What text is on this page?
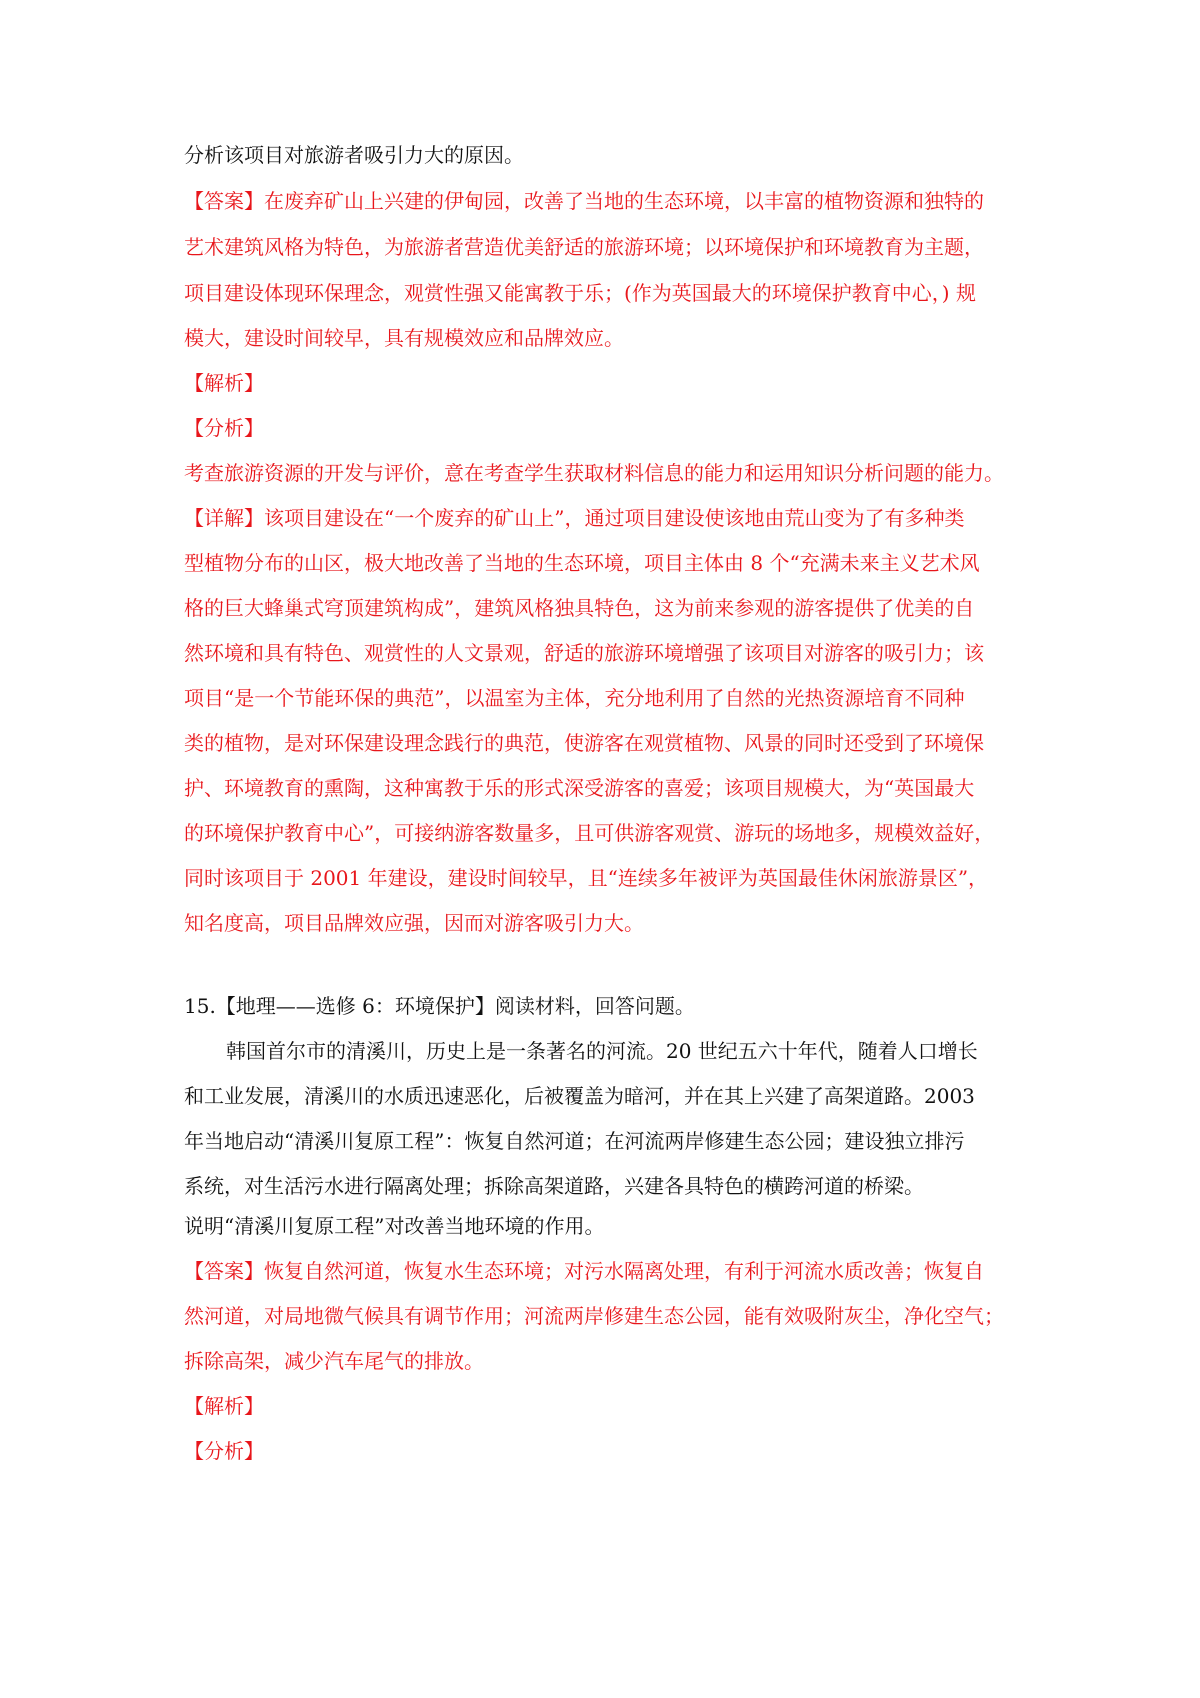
分析该项目对旅游者吸引力大的原因。
【答案】在废弃矿山上兴建的伊甸园，改善了当地的生态环境，以丰富的植物资源和独特的
艺术建筑风格为特色，为旅游者营造优美舒适的旅游环境；以环境保护和环境教育为主题，
项目建设体现环保理念，观赏性强又能寓教于乐；(作为英国最大的环境保护教育中心，) 规
模大，建设时间较早，具有规模效应和品牌效应。
【解析】
【分析】
考查旅游资源的开发与评价，意在考查学生获取材料信息的能力和运用知识分析问题的能力。
【详解】该项目建设在“一个废弃的矿山上”，通过项目建设使该地由荒山变为了有多种类
型植物分布的山区，极大地改善了当地的生态环境，项目主体由 8 个“充满未来主义艺术风
格的巨大蜂巢式穹顶建筑构成”，建筑风格独具特色，这为前来参观的游客提供了优美的自
然环境和具有特色、观赏性的人文景观，舒适的旅游环境增强了该项目对游客的吸引力；该
项目“是一个节能环保的典范”，以温室为主体，充分地利用了自然的光热资源培育不同种
类的植物，是对环保建设理念践行的典范，使游客在观赏植物、风景的同时还受到了环境保
护、环境教育的熏陶，这种寓教于乐的形式深受游客的喜爱；该项目规模大，为“英国最大
的环境保护教育中心”，可接纳游客数量多，且可供游客观赏、游玩的场地多，规模效益好，
同时该项目于 2001 年建设，建设时间较早，且“连续多年被评为英国最佳休闲旅游景区”，
知名度高，项目品牌效应强，因而对游客吸引力大。
15.【地理——选修 6：环境保护】阅读材料，回答问题。
韩国首尔市的清溪川，历史上是一条著名的河流。20 世纪五六十年代，随着人口增长
和工业发展，清溪川的水质迅速恶化，后被覆盖为暗河，并在其上兴建了高架道路。2003
年当地启动“清溪川复原工程”：恢复自然河道；在河流两岸修建生态公园；建设独立排污
系统，对生活污水进行隔离处理；拆除高架道路，兴建各具特色的横跨河道的桥梁。
说明“清溪川复原工程”对改善当地环境的作用。
【答案】恢复自然河道，恢复水生态环境；对污水隔离处理，有利于河流水质改善；恢复自
然河道，对局地微气候具有调节作用；河流两岸修建生态公园，能有效吸附灰尘，净化空气；
拆除高架，减少汽车尾气的排放。
【解析】
【分析】
